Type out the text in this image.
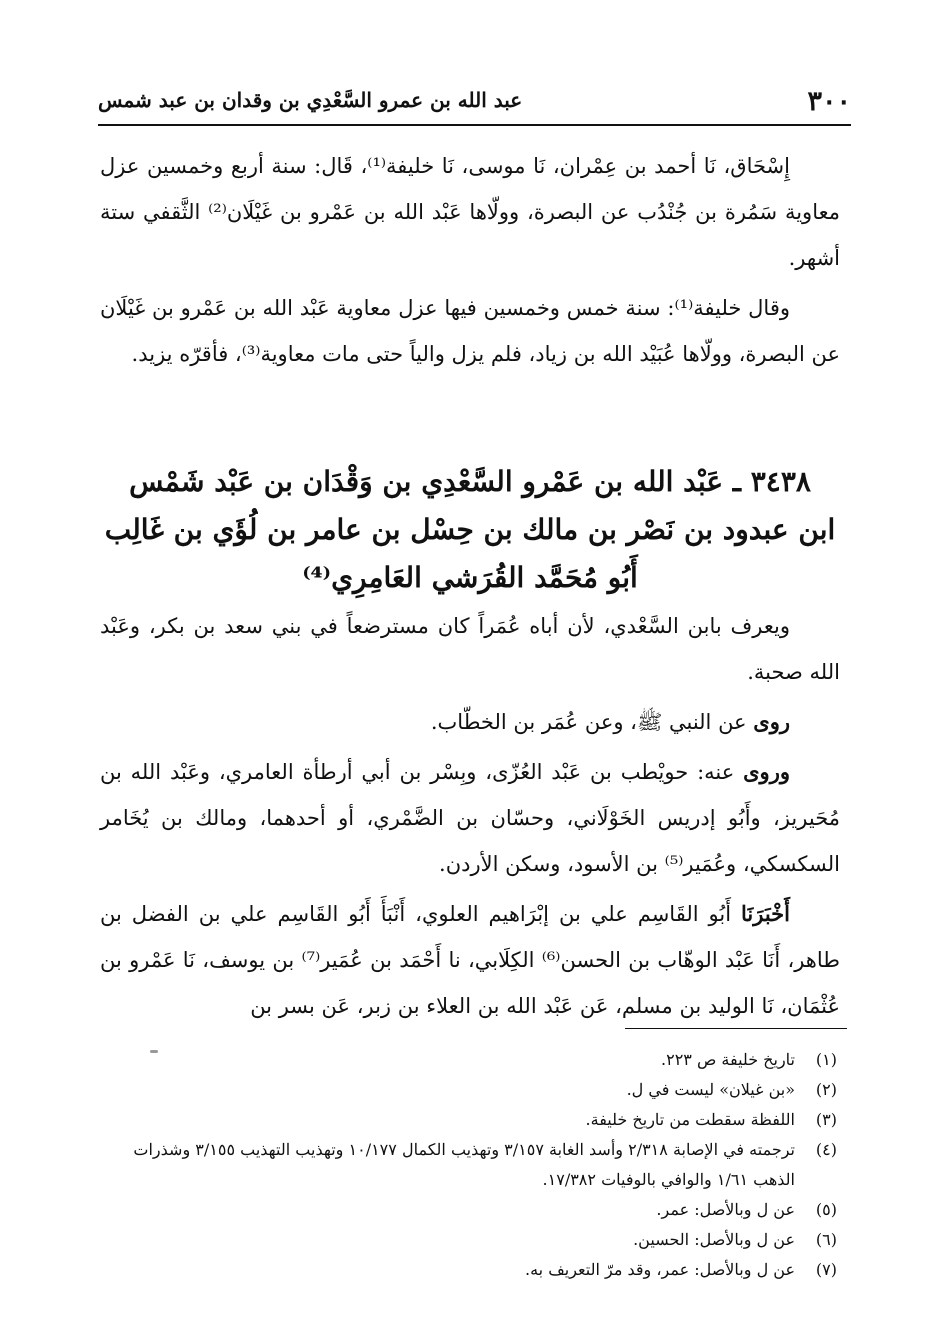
٣٠٠
عبد الله بن عمرو السَّعْدِي بن وقدان بن عبد شمس

إِسْحَاق، نَا أحمد بن عِمْران، نَا موسى، نَا خليفة⁽¹⁾، قَال: سنة أربع وخمسين عزل معاوية سَمُرة بن جُنْدُب عن البصرة، وولّاها عَبْد الله بن عَمْرو بن غَيْلَان⁽²⁾ الثَّقفي ستة أشهر.

وقال خليفة⁽¹⁾: سنة خمس وخمسين فيها عزل معاوية عَبْد الله بن عَمْرو بن غَيْلَان عن البصرة، وولّاها عُبَيْد الله بن زياد، فلم يزل والياً حتى مات معاوية⁽³⁾، فأقرّه يزيد.

٣٤٣٨ ـ عَبْد الله بن عَمْرو السَّعْدِي بن وَقْدَان بن عَبْد شَمْس
ابن عبدود بن نَصْر بن مالك بن حِسْل بن عامر بن لُؤَي بن غَالِب
أَبُو مُحَمَّد القُرَشي العَامِرِي⁽⁴⁾

ويعرف بابن السَّعْدي، لأن أباه عُمَراً كان مسترضعاً في بني سعد بن بكر، وعَبْد الله صحبة.

روى عن النبي ﷺ، وعن عُمَر بن الخطّاب.

وروى عنه: حويْطب بن عَبْد العُزّى، وبِسْر بن أبي أرطأة العامري، وعَبْد الله بن مُحَيريز، وأَبُو إدريس الخَوْلَاني، وحسّان بن الضَّمْري، أو أحدهما، ومالك بن يُخَامر السكسكي، وعُمَير⁽⁵⁾ بن الأسود، وسكن الأردن.

أَخْبَرَنَا أَبُو القَاسِم علي بن إبْرَاهيم العلوي، أَنْبَأَ أَبُو القَاسِم علي بن الفضل بن طاهر، أَنَا عَبْد الوهّاب بن الحسن⁽⁶⁾ الكِلَابي، نا أَحْمَد بن عُمَير⁽⁷⁾ بن يوسف، نَا عَمْرو بن عُثْمَان، نَا الوليد بن مسلم، عَن عَبْد الله بن العلاء بن زبر، عَن بسر بن

(١)
تاريخ خليفة ص ٢٢٣.
(٢)
«بن غيلان» ليست في ل.
(٣)
اللفظة سقطت من تاريخ خليفة.
(٤)
ترجمته في الإصابة ٢/٣١٨ وأسد الغابة ٣/١٥٧ وتهذيب الكمال ١٠/١٧٧ وتهذيب التهذيب ٣/١٥٥ وشذرات الذهب ١/٦١ والوافي بالوفيات ١٧/٣٨٢.
(٥)
عن ل وبالأصل: عمر.
(٦)
عن ل وبالأصل: الحسين.
(٧)
عن ل وبالأصل: عمر، وقد مرّ التعريف به.
